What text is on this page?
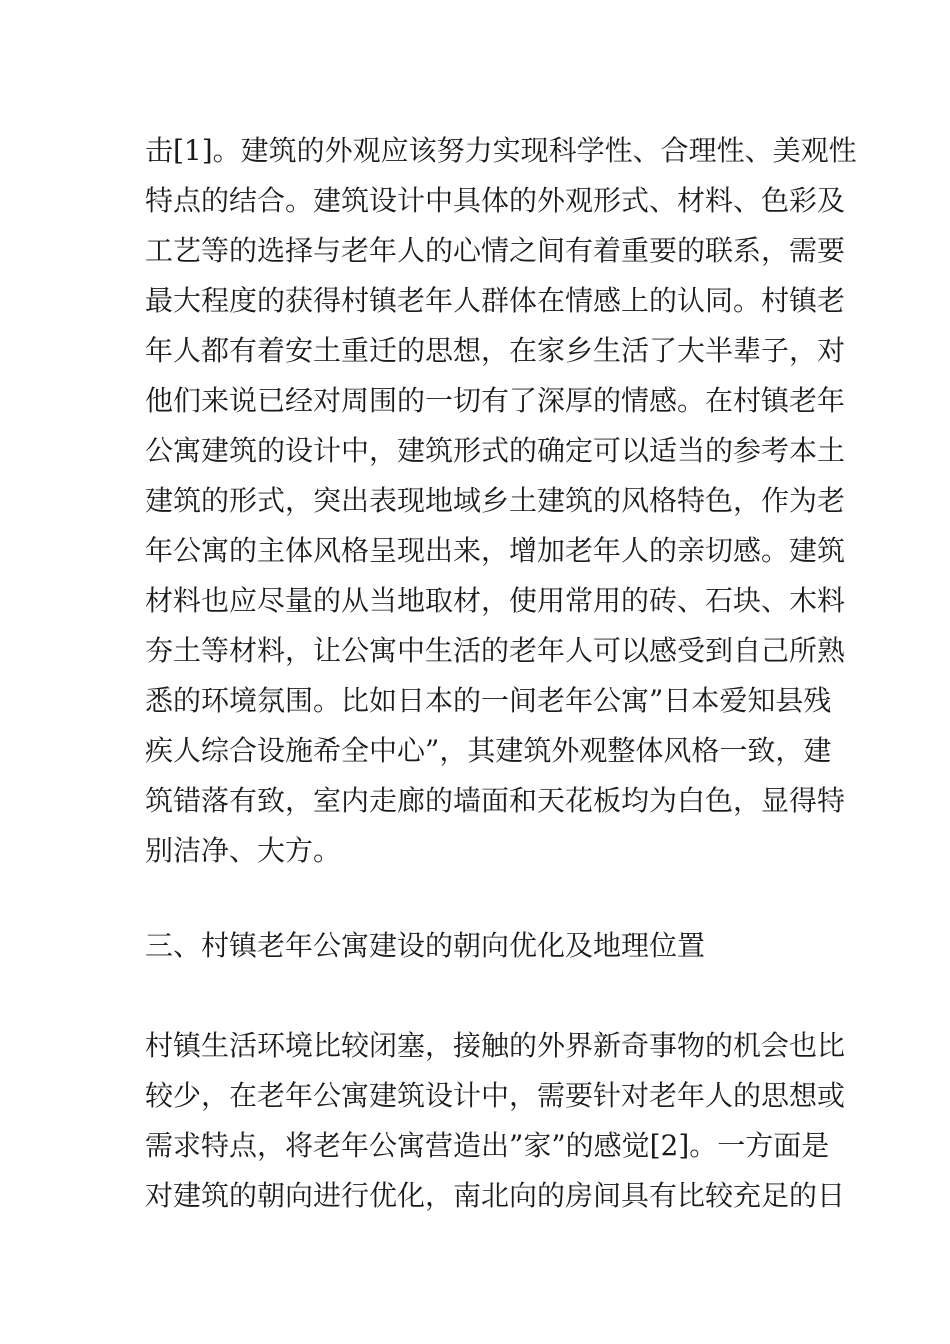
击[1]。建筑的外观应该努力实现科学性、合理性、美观性
特点的结合。建筑设计中具体的外观形式、材料、色彩及
工艺等的选择与老年人的心情之间有着重要的联系，需要
最大程度的获得村镇老年人群体在情感上的认同。村镇老
年人都有着安土重迁的思想，在家乡生活了大半辈子，对
他们来说已经对周围的一切有了深厚的情感。在村镇老年
公寓建筑的设计中，建筑形式的确定可以适当的参考本土
建筑的形式，突出表现地域乡土建筑的风格特色，作为老
年公寓的主体风格呈现出来，增加老年人的亲切感。建筑
材料也应尽量的从当地取材，使用常用的砖、石块、木料
夯土等材料，让公寓中生活的老年人可以感受到自己所熟
悉的环境氛围。比如日本的一间老年公寓”日本爱知县残
疾人综合设施希全中心”，其建筑外观整体风格一致，建
筑错落有致，室内走廊的墙面和天花板均为白色，显得特
别洁净、大方。
三、村镇老年公寓建设的朝向优化及地理位置
村镇生活环境比较闭塞，接触的外界新奇事物的机会也比
较少，在老年公寓建筑设计中，需要针对老年人的思想或
需求特点，将老年公寓营造出”家”的感觉[2]。一方面是
对建筑的朝向进行优化，南北向的房间具有比较充足的日
